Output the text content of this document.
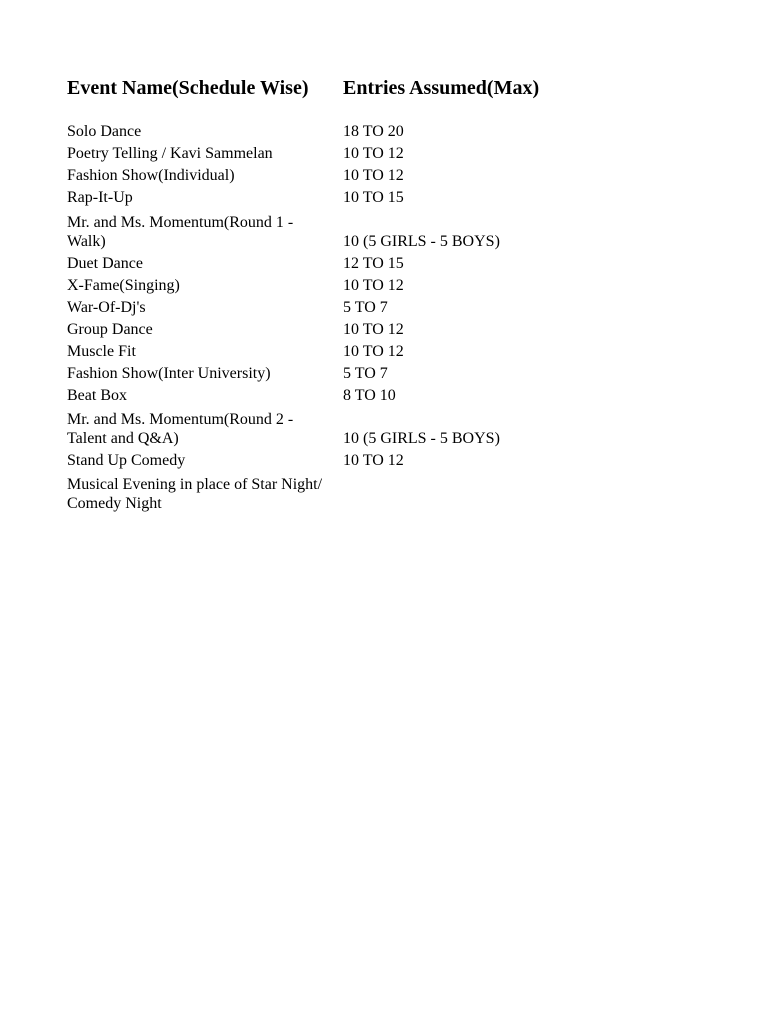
Event Name(Schedule Wise)	Entries Assumed(Max)
Solo Dance	18 TO 20
Poetry Telling / Kavi Sammelan	10 TO 12
Fashion Show(Individual)	10 TO 12
Rap-It-Up	10 TO 15
Mr. and Ms. Momentum(Round 1 - Walk)	10 (5 GIRLS - 5 BOYS)
Duet Dance	12 TO 15
X-Fame(Singing)	10 TO 12
War-Of-Dj's	5 TO 7
Group Dance	10 TO 12
Muscle Fit	10 TO 12
Fashion Show(Inter University)	5 TO 7
Beat Box	8 TO 10
Mr. and Ms. Momentum(Round 2 - Talent and Q&A)	10 (5 GIRLS - 5 BOYS)
Stand Up Comedy	10 TO 12
Musical Evening in place of Star Night/ Comedy Night
